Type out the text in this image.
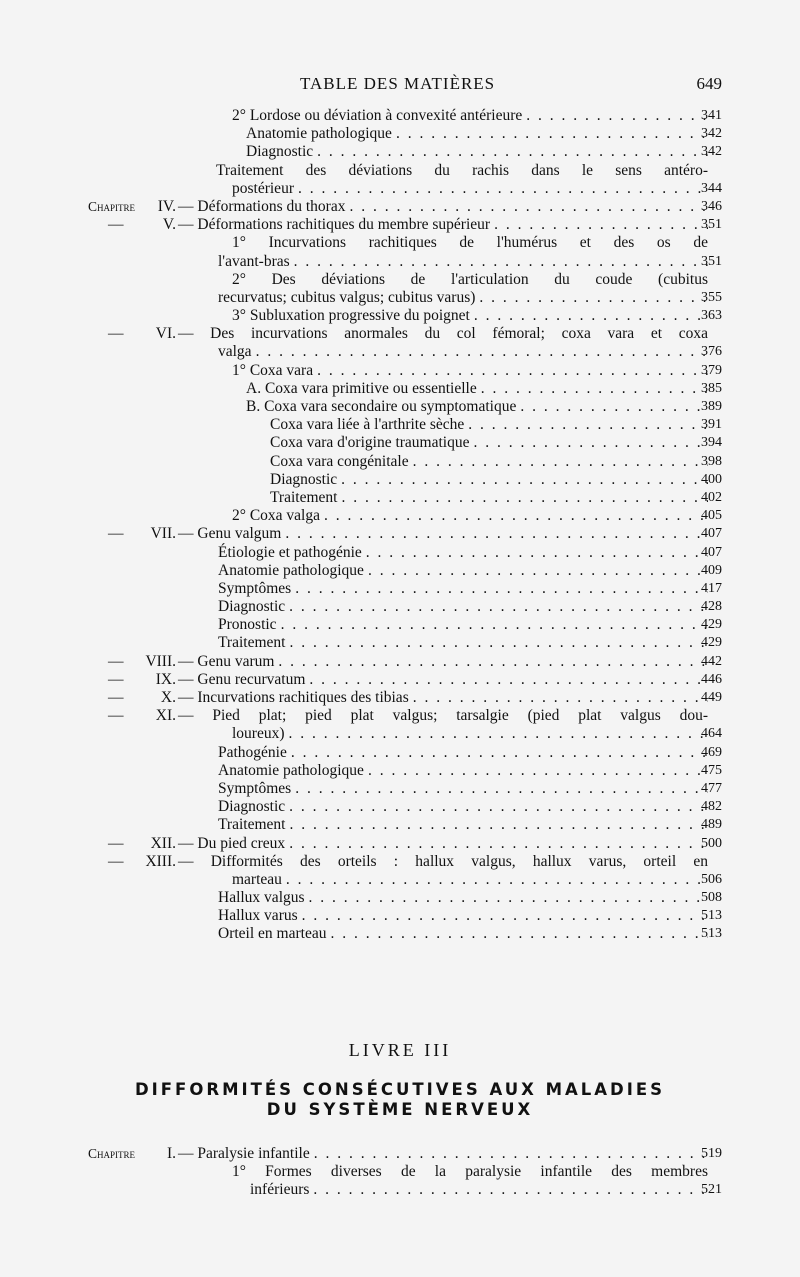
TABLE DES MATIÈRES	649
2° Lordose ou déviation à convexité antérieure . . .	341
Anatomie pathologique . . .	342
Diagnostic . . .	342
Traitement des déviations du rachis dans le sens antéro-
postérieur . . .	344
Chapitre IV. — Déformations du thorax . . .	346
—	V. — Déformations rachitiques du membre supérieur . . .	351
1° Incurvations rachitiques de l'humérus et des os de
l'avant-bras . . .	351
2° Des déviations de l'articulation du coude (cubitus
recurvatus; cubitus valgus; cubitus varus) . . .	355
3° Subluxation progressive du poignet . . .	363
— VI. — Des incurvations anormales du col fémoral; coxa vara et coxa
valga . . .	376
1° Coxa vara . . .	379
A. Coxa vara primitive ou essentielle . . .	385
B. Coxa vara secondaire ou symptomatique . . .	389
Coxa vara liée à l'arthrite sèche . . .	391
Coxa vara d'origine traumatique . . .	394
Coxa vara congénitale . . .	398
Diagnostic . . .	400
Traitement . . .	402
2° Coxa valga . . .	405
— VII. — Genu valgum . . .	407
Étiologie et pathogénie . . .	407
Anatomie pathologique . . .	409
Symptômes . . .	417
Diagnostic . . .	428
Pronostic . . .	429
Traitement . . .	429
— VIII. — Genu varum . . .	442
— IX. — Genu recurvatum . . .	446
— X. — Incurvations rachitiques des tibias . . .	449
— XI. — Pied plat; pied plat valgus; tarsalgie (pied plat valgus dou-
loureux) . . .	464
Pathogénie . . .	469
Anatomie pathologique . . .	475
Symptômes . . .	477
Diagnostic . . .	482
Traitement . . .	489
— XII. — Du pied creux . . .	500
— XIII. — Difformités des orteils : hallux valgus, hallux varus, orteil en
marteau . . .	506
Hallux valgus . . .	508
Hallux varus . . .	513
Orteil en marteau . . .	513
LIVRE III
DIFFORMITÉS CONSÉCUTIVES AUX MALADIES
DU SYSTÈME NERVEUX
Chapitre I. — Paralysie infantile . . .	519
1° Formes diverses de la paralysie infantile des membres
inférieurs . . .	521
